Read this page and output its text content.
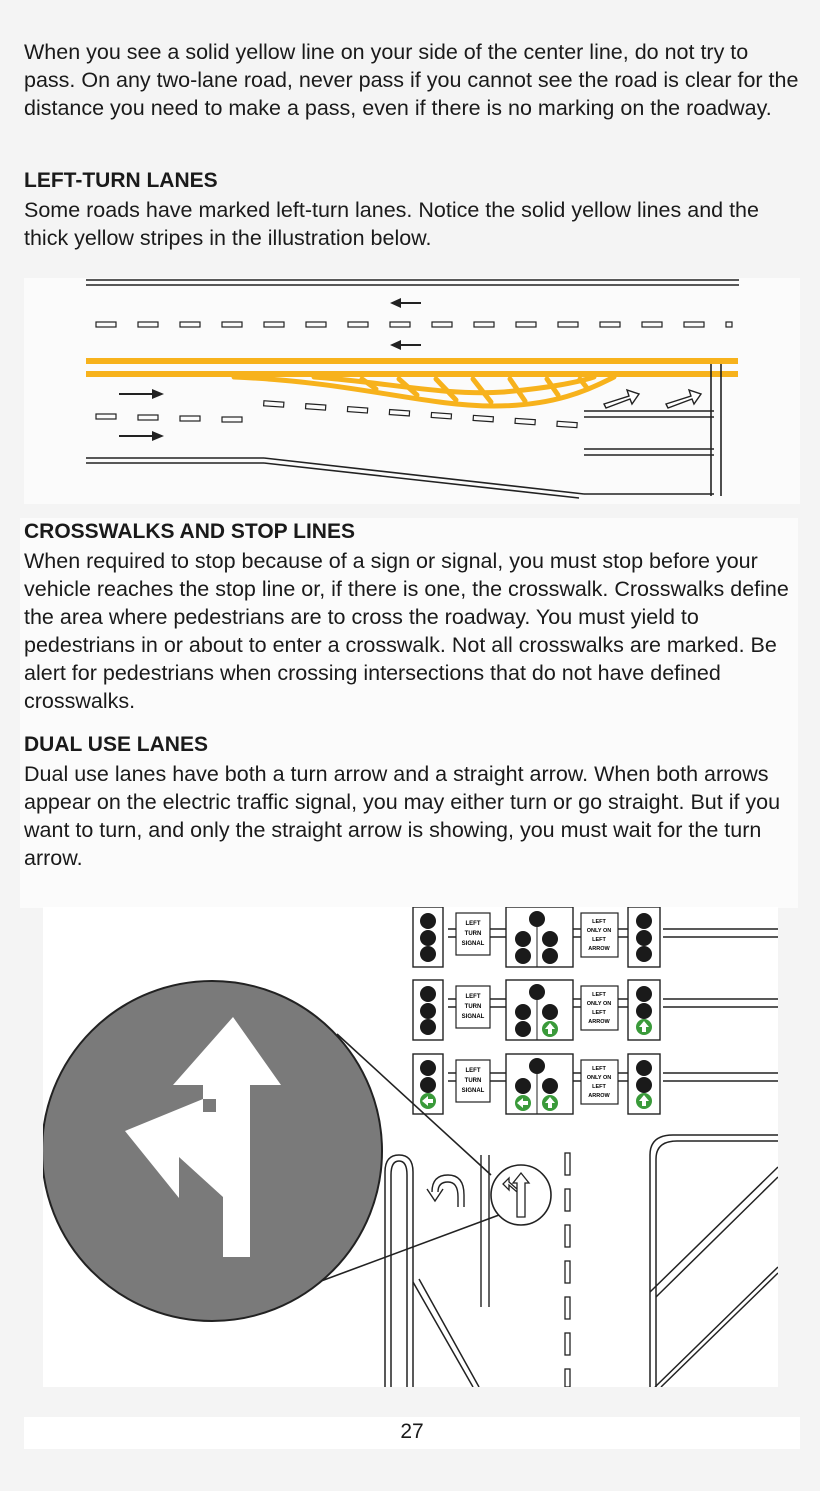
When you see a solid yellow line on your side of the center line, do not try to pass. On any two-lane road, never pass if you cannot see the road is clear for the distance you need to make a pass, even if there is no marking on the roadway.

LEFT-TURN LANES

Some roads have marked left-turn lanes. Notice the solid yellow lines and the thick yellow stripes in the illustration below.

CROSSWALKS AND STOP LINES

When required to stop because of a sign or signal, you must stop before your vehicle reaches the stop line or, if there is one, the crosswalk. Crosswalks define the area where pedestrians are to cross the roadway. You must yield to pedestrians in or about to enter a crosswalk. Not all crosswalks are marked. Be alert for pedestrians when crossing intersections that do not have defined crosswalks.

DUAL USE LANES

Dual use lanes have both a turn arrow and a straight arrow. When both arrows appear on the electric traffic signal, you may either turn or go straight. But if you want to turn, and only the straight arrow is showing, you must wait for the turn arrow.

LEFT
TURN
SIGNAL
LEFT
ONLY ON
LEFT
ARROW
LEFT
TURN
SIGNAL
LEFT
ONLY ON
LEFT
ARROW
LEFT
TURN
SIGNAL
LEFT
ONLY ON
LEFT
ARROW
27
